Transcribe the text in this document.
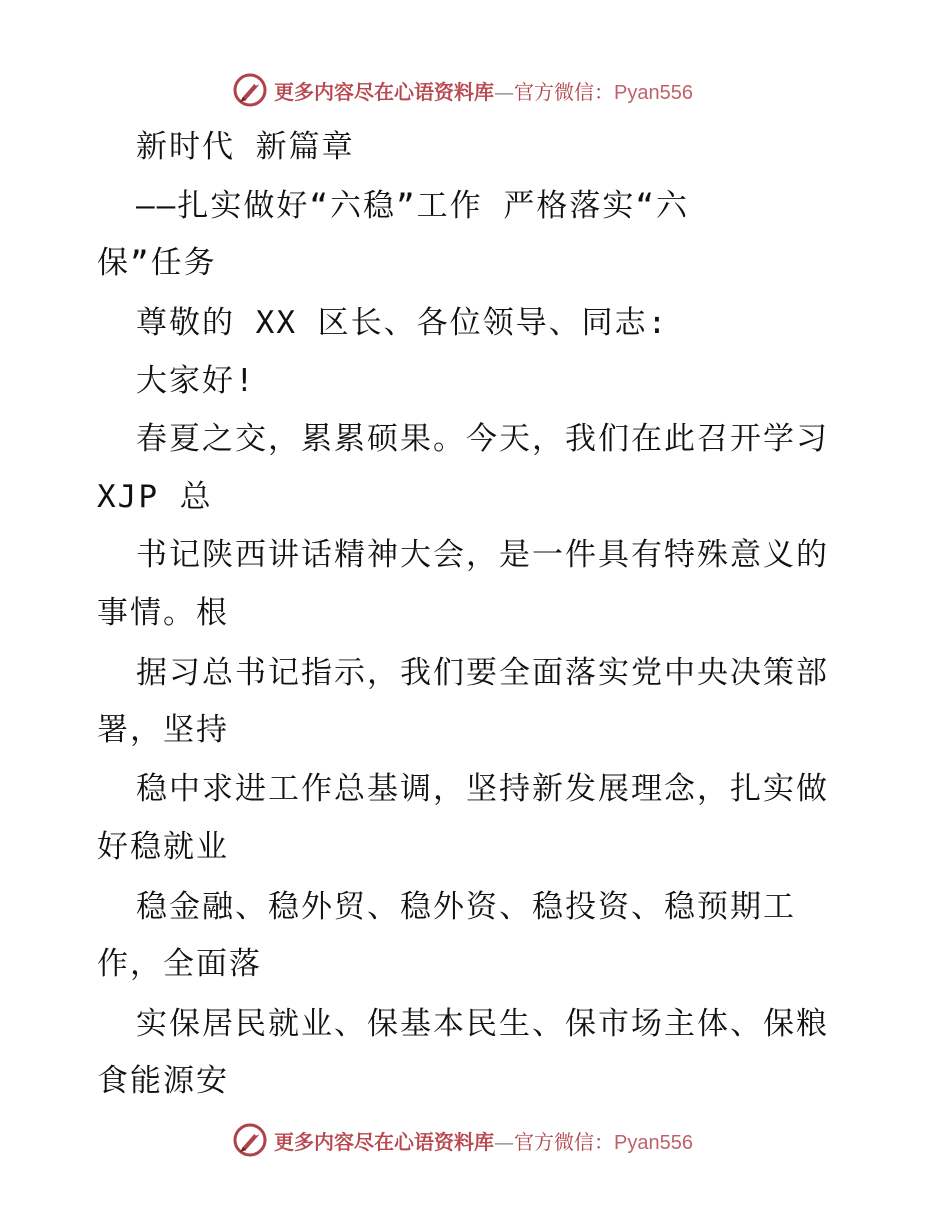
更多内容尽在心语资料库—官方微信：Pyan556
新时代 新篇章
——扎实做好“六稳”工作 严格落实“六
保”任务
尊敬的 XX 区长、各位领导、同志:
大家好!
春夏之交，累累硕果。今天，我们在此召开学习
XJP 总
书记陕西讲话精神大会，是一件具有特殊意义的
事情。根
据习总书记指示，我们要全面落实党中央决策部
署，坚持
稳中求进工作总基调，坚持新发展理念，扎实做
好稳就业
稳金融、稳外贸、稳外资、稳投资、稳预期工
作，全面落
实保居民就业、保基本民生、保市场主体、保粮
食能源安
更多内容尽在心语资料库—官方微信：Pyan556
